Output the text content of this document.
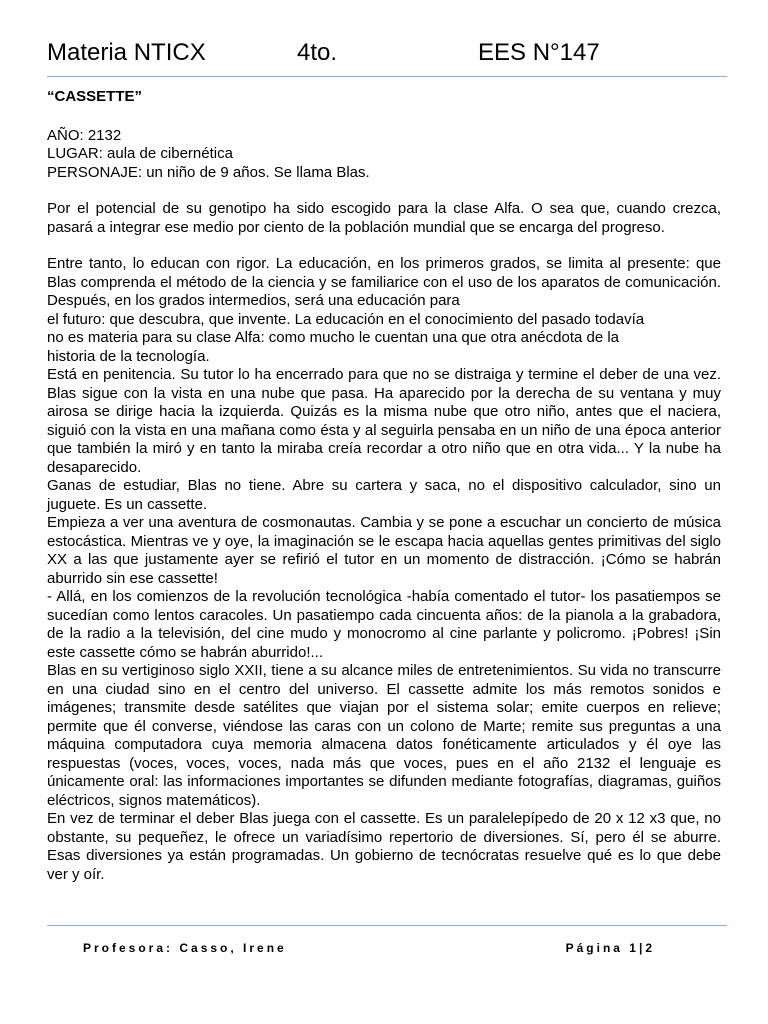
Materia NTICX	4to.	EES N°147

“CASSETTE”

AÑO: 2132

LUGAR: aula de cibernética

PERSONAJE: un niño de 9 años. Se llama Blas.

Por el potencial de su genotipo ha sido escogido para la clase Alfa. O sea que, cuando crezca, pasará a integrar ese medio por ciento de la población mundial que se encarga del progreso.

Entre tanto, lo educan con rigor. La educación, en los primeros grados, se limita al presente: que Blas comprenda el método de la ciencia y se familiarice con el uso de los aparatos de comunicación. Después, en los grados intermedios, será una educación para

el futuro: que descubra, que invente. La educación en el conocimiento del pasado todavía

no es materia para su clase Alfa: como mucho le cuentan una que otra anécdota de la

historia de la tecnología.

Está en penitencia. Su tutor lo ha encerrado para que no se distraiga y termine el deber de una vez. Blas sigue con la vista en una nube que pasa. Ha aparecido por la derecha de su ventana y muy airosa se dirige hacia la izquierda. Quizás es la misma nube que otro niño, antes que el naciera, siguió con la vista en una mañana como ésta y al seguirla pensaba en un niño de una época anterior que también la miró y en tanto la miraba creía recordar a otro niño que en otra vida... Y la nube ha desaparecido.

Ganas de estudiar, Blas no tiene. Abre su cartera y saca, no el dispositivo calculador, sino un juguete. Es un cassette.

Empieza a ver una aventura de cosmonautas. Cambia y se pone a escuchar un concierto de música estocástica. Mientras ve y oye, la imaginación se le escapa hacia aquellas gentes primitivas del siglo XX a las que justamente ayer se refirió el tutor en un momento de distracción. ¡Cómo se habrán aburrido sin ese cassette!

- Allá, en los comienzos de la revolución tecnológica -había comentado el tutor- los pasatiempos se sucedían como lentos caracoles. Un pasatiempo cada cincuenta años: de la pianola a la grabadora, de la radio a la televisión, del cine mudo y monocromo al cine parlante y policromo. ¡Pobres! ¡Sin este cassette cómo se habrán aburrido!...

Blas en su vertiginoso siglo XXII, tiene a su alcance miles de entretenimientos. Su vida no transcurre en una ciudad sino en el centro del universo. El cassette admite los más remotos sonidos e imágenes; transmite desde satélites que viajan por el sistema solar; emite cuerpos en relieve; permite que él converse, viéndose las caras con un colono de Marte; remite sus preguntas a una máquina computadora cuya memoria almacena datos fonéticamente articulados y él oye las respuestas (voces, voces, voces, nada más que voces, pues en el año 2132 el lenguaje es únicamente oral: las informaciones importantes se difunden mediante fotografías, diagramas, guiños eléctricos, signos matemáticos).

En vez de terminar el deber Blas juega con el cassette. Es un paralelepípedo de 20 x 12 x3 que, no obstante, su pequeñez, le ofrece un variadísimo repertorio de diversiones. Sí, pero él se aburre. Esas diversiones ya están programadas. Un gobierno de tecnócratas resuelve qué es lo que debe ver y oír.

Profesora: Casso, Irene	Página 1|2
